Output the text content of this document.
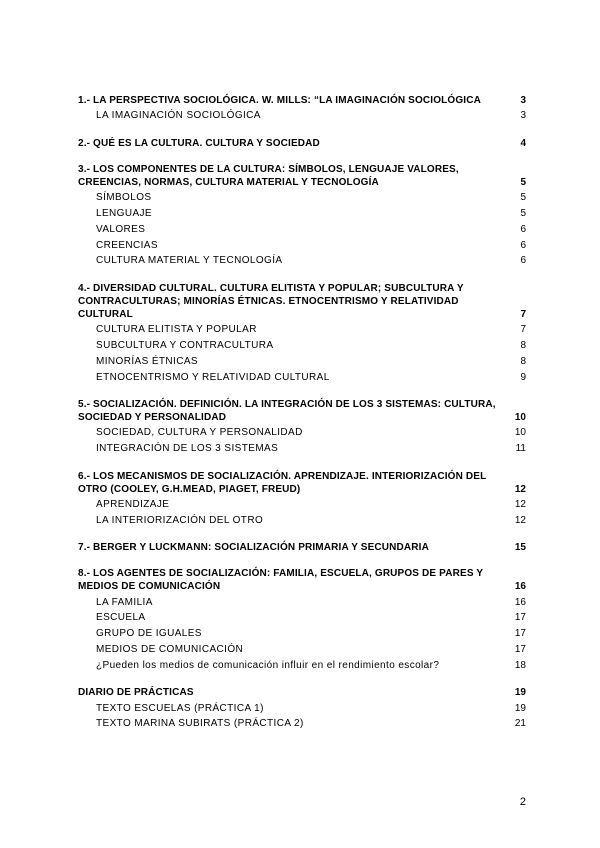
1.- LA PERSPECTIVA SOCIOLÓGICA. W. MILLS: “LA IMAGINACIÓN SOCIOLÓGICA	3
LA IMAGINACIÓN SOCIOLÓGICA	3
2.- QUÉ ES LA CULTURA. CULTURA Y SOCIEDAD	4
3.- LOS COMPONENTES DE LA CULTURA: SÍMBOLOS, LENGUAJE VALORES, CREENCIAS, NORMAS, CULTURA MATERIAL Y TECNOLOGÍA	5
SÍMBOLOS	5
LENGUAJE	5
VALORES	6
CREENCIAS	6
CULTURA MATERIAL Y TECNOLOGÍA	6
4.- DIVERSIDAD CULTURAL. CULTURA ELITISTA Y POPULAR; SUBCULTURA Y CONTRACULTURAS; MINORÍAS ÉTNICAS. ETNOCENTRISMO Y RELATIVIDAD CULTURAL	7
CULTURA ELITISTA Y POPULAR	7
SUBCULTURA Y CONTRACULTURA	8
MINORÍAS ÉTNICAS	8
ETNOCENTRISMO Y RELATIVIDAD CULTURAL	9
5.- SOCIALIZACIÓN. DEFINICIÓN. LA INTEGRACIÓN DE LOS 3 SISTEMAS: CULTURA, SOCIEDAD Y PERSONALIDAD	10
SOCIEDAD, CULTURA Y PERSONALIDAD	10
INTEGRACIÓN DE LOS 3 SISTEMAS	11
6.- LOS MECANISMOS DE SOCIALIZACIÓN. APRENDIZAJE. INTERIORIZACIÓN DEL OTRO (COOLEY, G.H.MEAD, PIAGET, FREUD)	12
APRENDIZAJE	12
LA INTERIORIZACIÓN DEL OTRO	12
7.- BERGER Y LUCKMANN: SOCIALIZACIÓN PRIMARIA Y SECUNDARIA	15
8.- LOS AGENTES DE SOCIALIZACIÓN: FAMILIA, ESCUELA, GRUPOS DE PARES Y MEDIOS DE COMUNICACIÓN	16
LA FAMILIA	16
ESCUELA	17
GRUPO DE IGUALES	17
MEDIOS DE COMUNICACIÓN	17
¿Pueden los medios de comunicación influir en el rendimiento escolar?	18
DIARIO DE PRÁCTICAS	19
TEXTO ESCUELAS (PRÁCTICA 1)	19
TEXTO MARINA SUBIRATS (PRÁCTICA 2)	21
2
